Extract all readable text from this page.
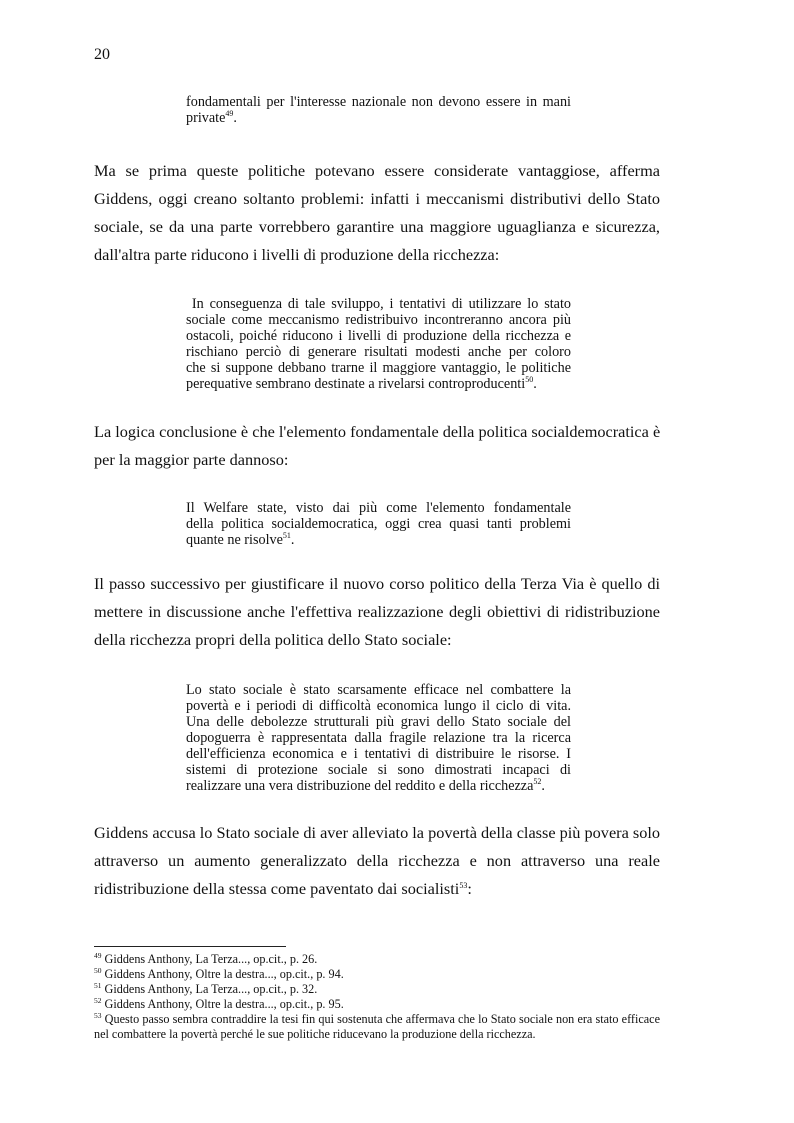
20
fondamentali per l'interesse nazionale non devono essere in mani
private$^{49}$.
Ma se prima queste politiche potevano essere considerate vantaggiose, afferma
Giddens, oggi creano soltanto problemi: infatti i meccanismi distributivi dello Stato
sociale, se da una parte vorrebbero garantire una maggiore uguaglianza e sicurezza,
dall'altra parte riducono i livelli di produzione della ricchezza:
In conseguenza di tale sviluppo, i tentativi di utilizzare lo stato
sociale come meccanismo redistribuivo incontreranno ancora più
ostacoli, poiché riducono i livelli di produzione della ricchezza e
rischiano perciò di generare risultati modesti anche per coloro
che si suppone debbano trarne il maggiore vantaggio, le politiche
perequative sembrano destinate a rivelarsi controproducenti$^{50}$.
La logica conclusione è che l'elemento fondamentale della politica socialdemocratica è
per la maggior parte dannoso:
Il Welfare state, visto dai più come l'elemento fondamentale
della politica socialdemocratica, oggi crea quasi tanti problemi
quante ne risolve$^{51}$.
Il passo successivo per giustificare il nuovo corso politico della Terza Via è quello di
mettere in discussione anche l'effettiva realizzazione degli obiettivi di ridistribuzione
della ricchezza propri della politica dello Stato sociale:
Lo stato sociale è stato scarsamente efficace nel combattere la
povertà e i periodi di difficoltà economica lungo il ciclo di vita.
Una delle debolezze strutturali più gravi dello Stato sociale del
dopoguerra è rappresentata dalla fragile relazione tra la ricerca
dell'efficienza economica e i tentativi di distribuire le risorse. I
sistemi di protezione sociale si sono dimostrati incapaci di
realizzare una vera distribuzione del reddito e della ricchezza$^{52}$.
Giddens accusa lo Stato sociale di aver alleviato la povertà della classe più povera solo
attraverso un aumento generalizzato della ricchezza e non attraverso una reale
ridistribuzione della stessa come paventato dai socialisti$^{53}$:
$^{49}$ Giddens Anthony, La Terza..., op.cit., p. 26.
$^{50}$ Giddens Anthony, Oltre la destra..., op.cit., p. 94.
$^{51}$ Giddens Anthony, La Terza..., op.cit., p. 32.
$^{52}$ Giddens Anthony, Oltre la destra..., op.cit., p. 95.
$^{53}$ Questo passo sembra contraddire la tesi fin qui sostenuta che affermava che lo Stato sociale non era stato efficace nel combattere la povertà perché le sue politiche riducevano la produzione della ricchezza.
